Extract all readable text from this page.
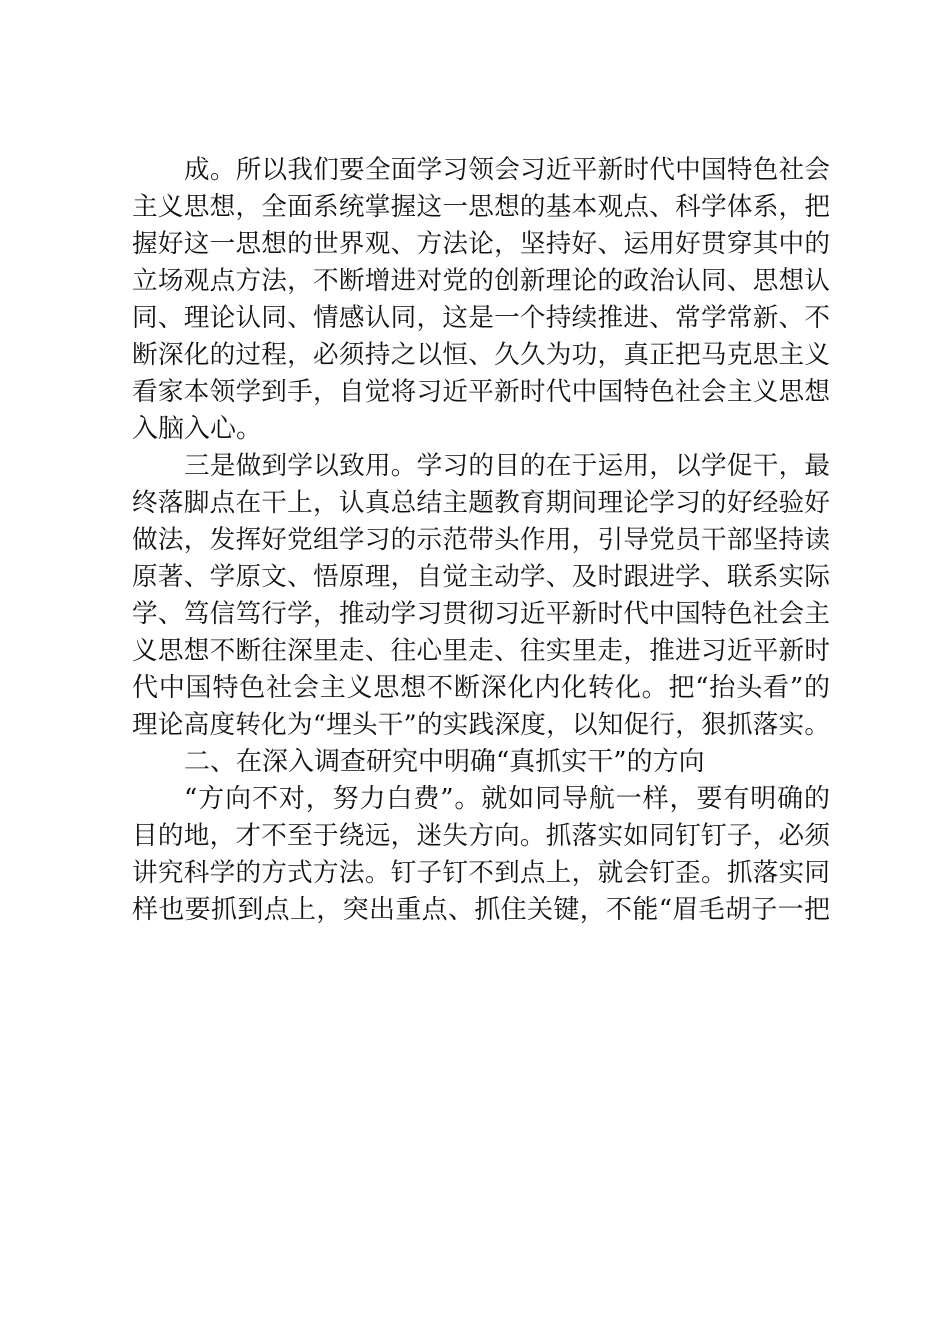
成。所以我们要全面学习领会习近平新时代中国特色社会

主义思想，全面系统掌握这一思想的基本观点、科学体系，把

握好这一思想的世界观、方法论，坚持好、运用好贯穿其中的

立场观点方法，不断增进对党的创新理论的政治认同、思想认

同、理论认同、情感认同，这是一个持续推进、常学常新、不

断深化的过程，必须持之以恒、久久为功，真正把马克思主义

看家本领学到手，自觉将习近平新时代中国特色社会主义思想

入脑入心。

三是做到学以致用。学习的目的在于运用，以学促干，最

终落脚点在干上，认真总结主题教育期间理论学习的好经验好

做法，发挥好党组学习的示范带头作用，引导党员干部坚持读

原著、学原文、悟原理，自觉主动学、及时跟进学、联系实际

学、笃信笃行学，推动学习贯彻习近平新时代中国特色社会主

义思想不断往深里走、往心里走、往实里走，推进习近平新时

代中国特色社会主义思想不断深化内化转化。把“抬头看”的

理论高度转化为“埋头干”的实践深度，以知促行，狠抓落实。

二、在深入调查研究中明确“真抓实干”的方向

“方向不对，努力白费”。就如同导航一样，要有明确的

目的地，才不至于绕远，迷失方向。抓落实如同钉钉子，必须

讲究科学的方式方法。钉子钉不到点上，就会钉歪。抓落实同

样也要抓到点上，突出重点、抓住关键，不能“眉毛胡子一把
